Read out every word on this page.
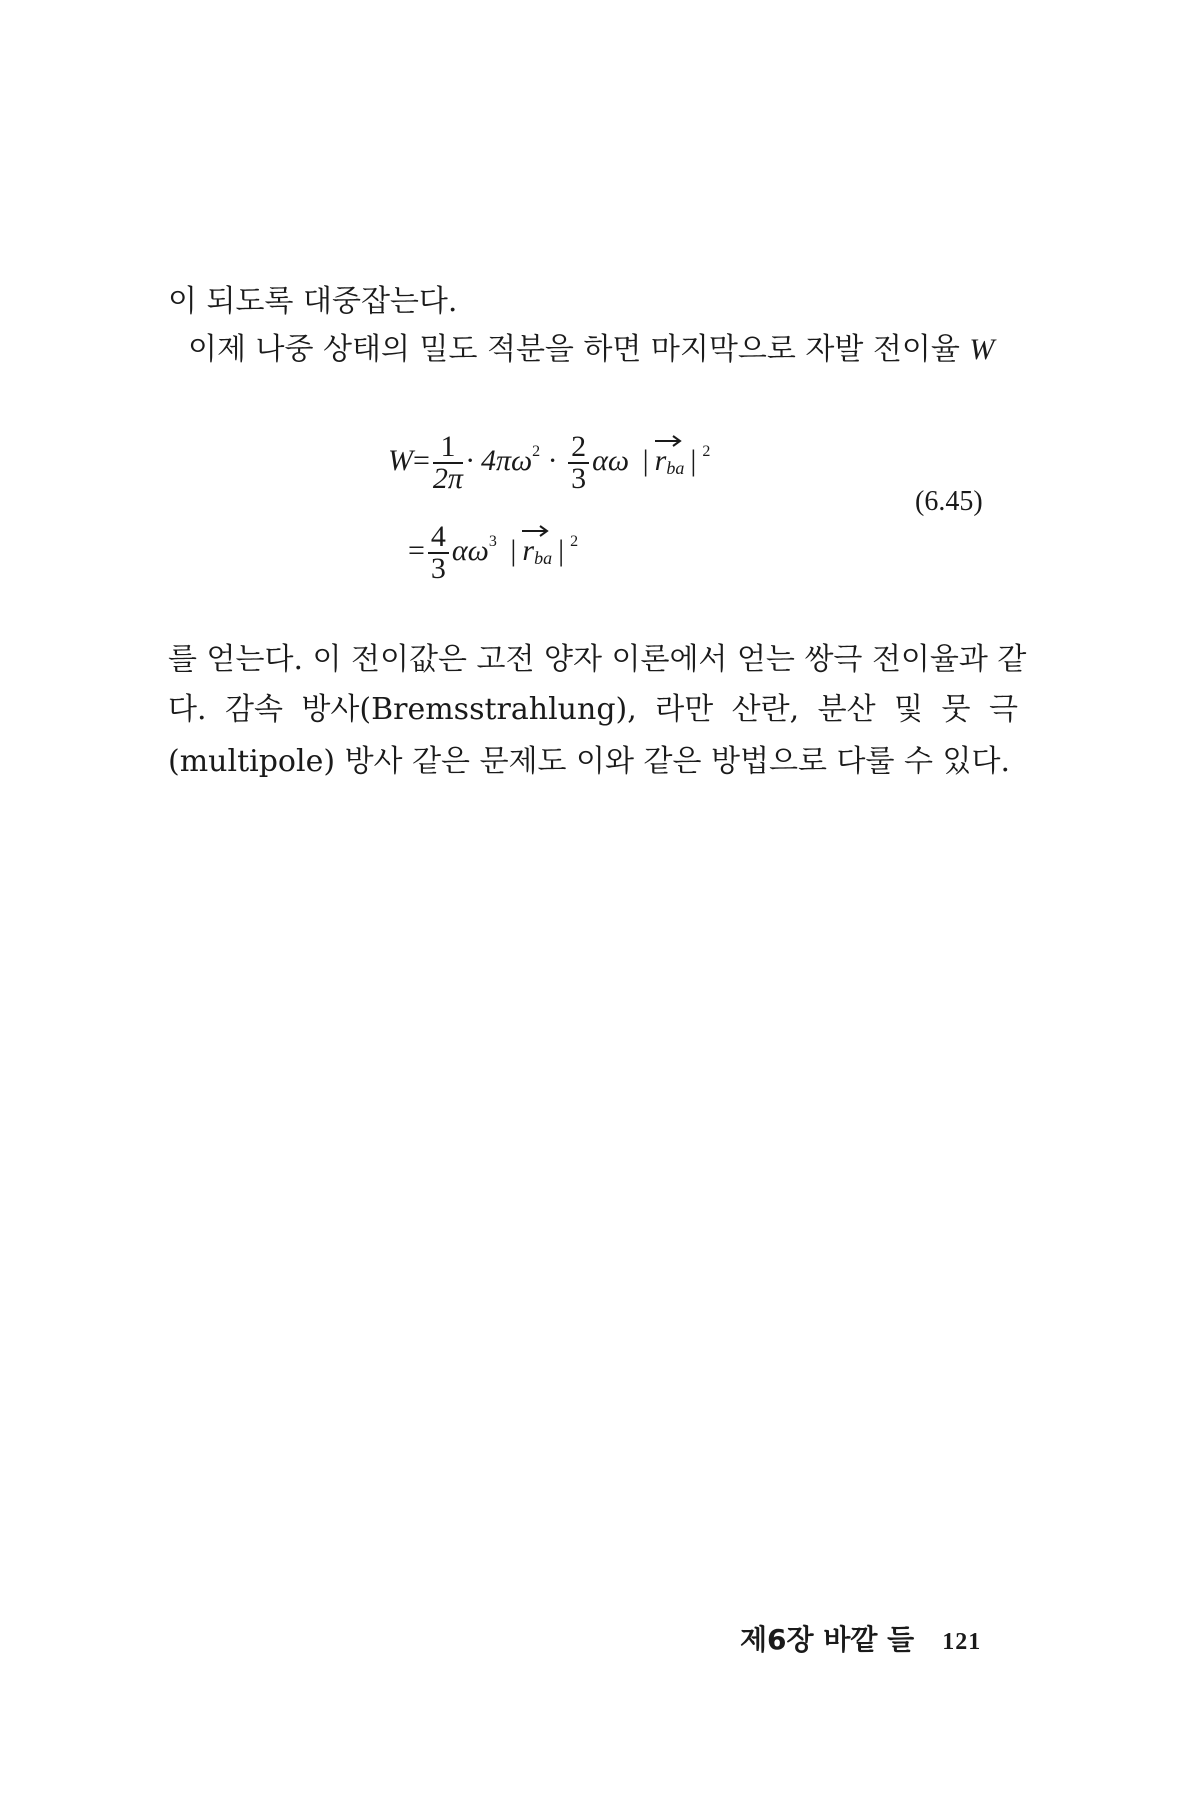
이 되도록 대중잡는다.
이제 나중 상태의 밀도 적분을 하면 마지막으로 자발 전이율 W
$W= \frac{1}{2\pi} \cdot 4\pi\omega^2 \cdot \frac{2}{3}$ αω | $r_{ba}$ | $^2$
(6.45)
= $\frac{4}{3} \alpha\omega^3$ | $r_{ba}$ | $^2$
를 얻는다. 이 전이값은 고전 양자 이론에서 얻는 쌍극 전이율과 같
다. 감속 방사(Bremsstrahlung), 라만 산란, 분산 및 뭇 극
(multipole) 방사 같은 문제도 이와 같은 방법으로 다룰 수 있다.
제6장 바깥 들 121
